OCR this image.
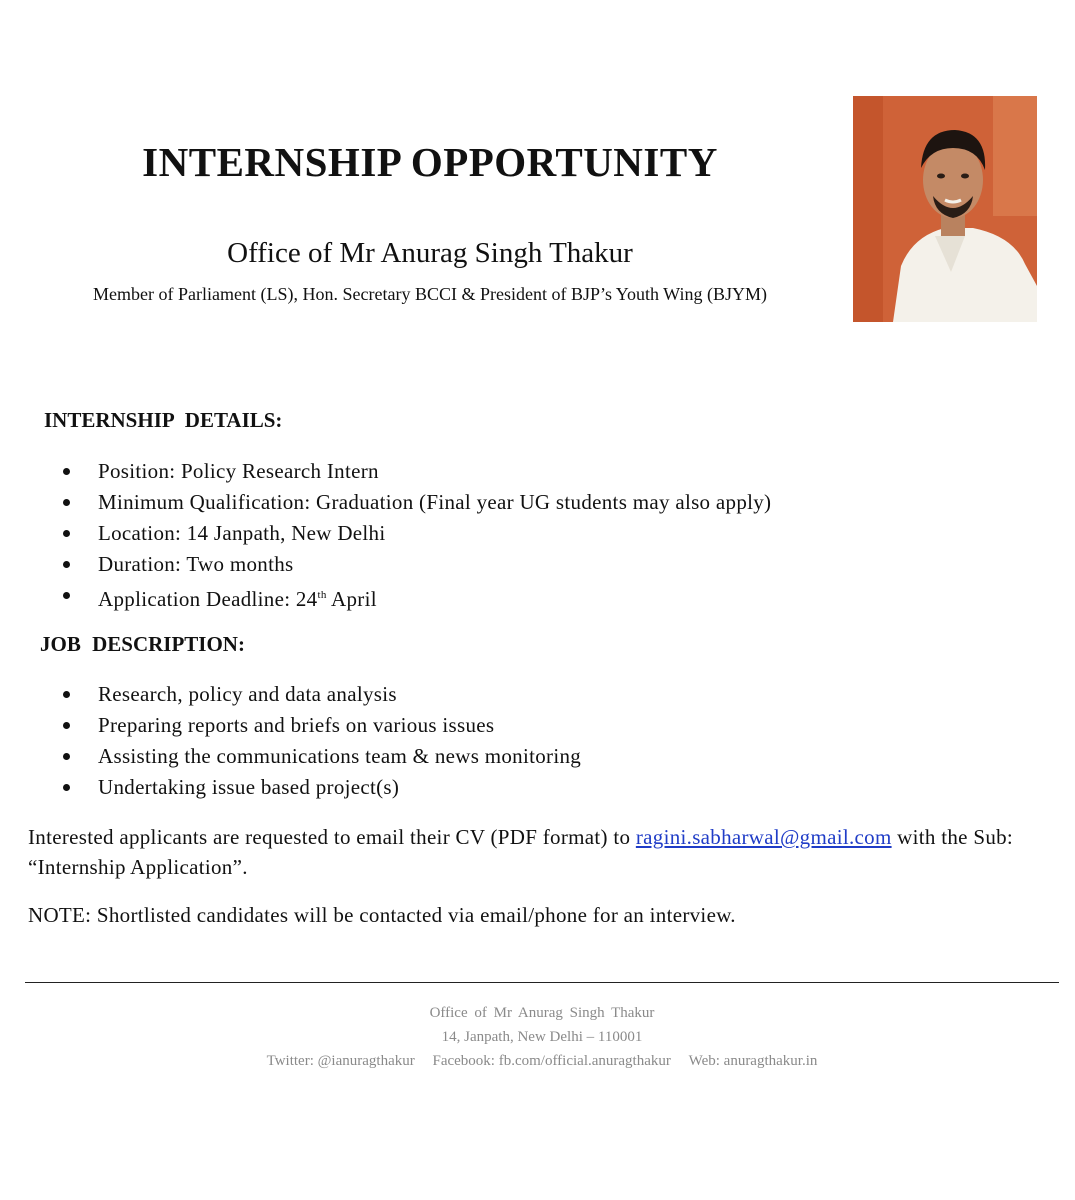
INTERNSHIP OPPORTUNITY
Office of Mr Anurag Singh Thakur
Member of Parliament (LS), Hon. Secretary BCCI & President of BJP’s Youth Wing (BJYM)
INTERNSHIP DETAILS:
Position: Policy Research Intern
Minimum Qualification: Graduation (Final year UG students may also apply)
Location: 14 Janpath, New Delhi
Duration: Two months
Application Deadline: 24th April
JOB DESCRIPTION:
Research, policy and data analysis
Preparing reports and briefs on various issues
Assisting the communications team & news monitoring
Undertaking issue based project(s)
Interested applicants are requested to email their CV (PDF format) to ragini.sabharwal@gmail.com with the Sub: “Internship Application”.
NOTE: Shortlisted candidates will be contacted via email/phone for an interview.
Office of Mr Anurag Singh Thakur
14, Janpath, New Delhi – 110001
Twitter: @ianuragthakur Facebook: fb.com/official.anuragthakur Web: anuragthakur.in
